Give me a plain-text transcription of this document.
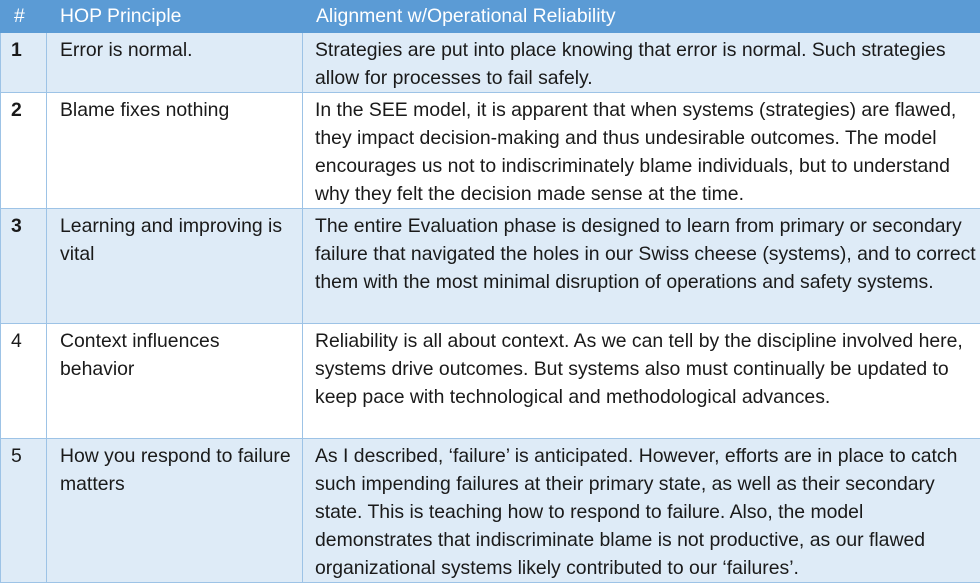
#	HOP Principle	Alignment w/Operational Reliability
1	Error is normal.	Strategies are put into place knowing that error is normal. Such strategies allow for processes to fail safely.
2	Blame fixes nothing	In the SEE model, it is apparent that when systems (strategies) are flawed, they impact decision-making and thus undesirable outcomes. The model encourages us not to indiscriminately blame individuals, but to understand why they felt the decision made sense at the time.
3	Learning and improving is vital	The entire Evaluation phase is designed to learn from primary or secondary failure that navigated the holes in our Swiss cheese (systems), and to correct them with the most minimal disruption of operations and safety systems.
4	Context influences behavior	Reliability is all about context. As we can tell by the discipline involved here, systems drive outcomes. But systems also must continually be updated to keep pace with technological and methodological advances.
5	How you respond to failure matters	As I described, ‘failure’ is anticipated. However, efforts are in place to catch such impending failures at their primary state, as well as their secondary state. This is teaching how to respond to failure. Also, the model demonstrates that indiscriminate blame is not productive, as our flawed organizational systems likely contributed to our ‘failures’.
